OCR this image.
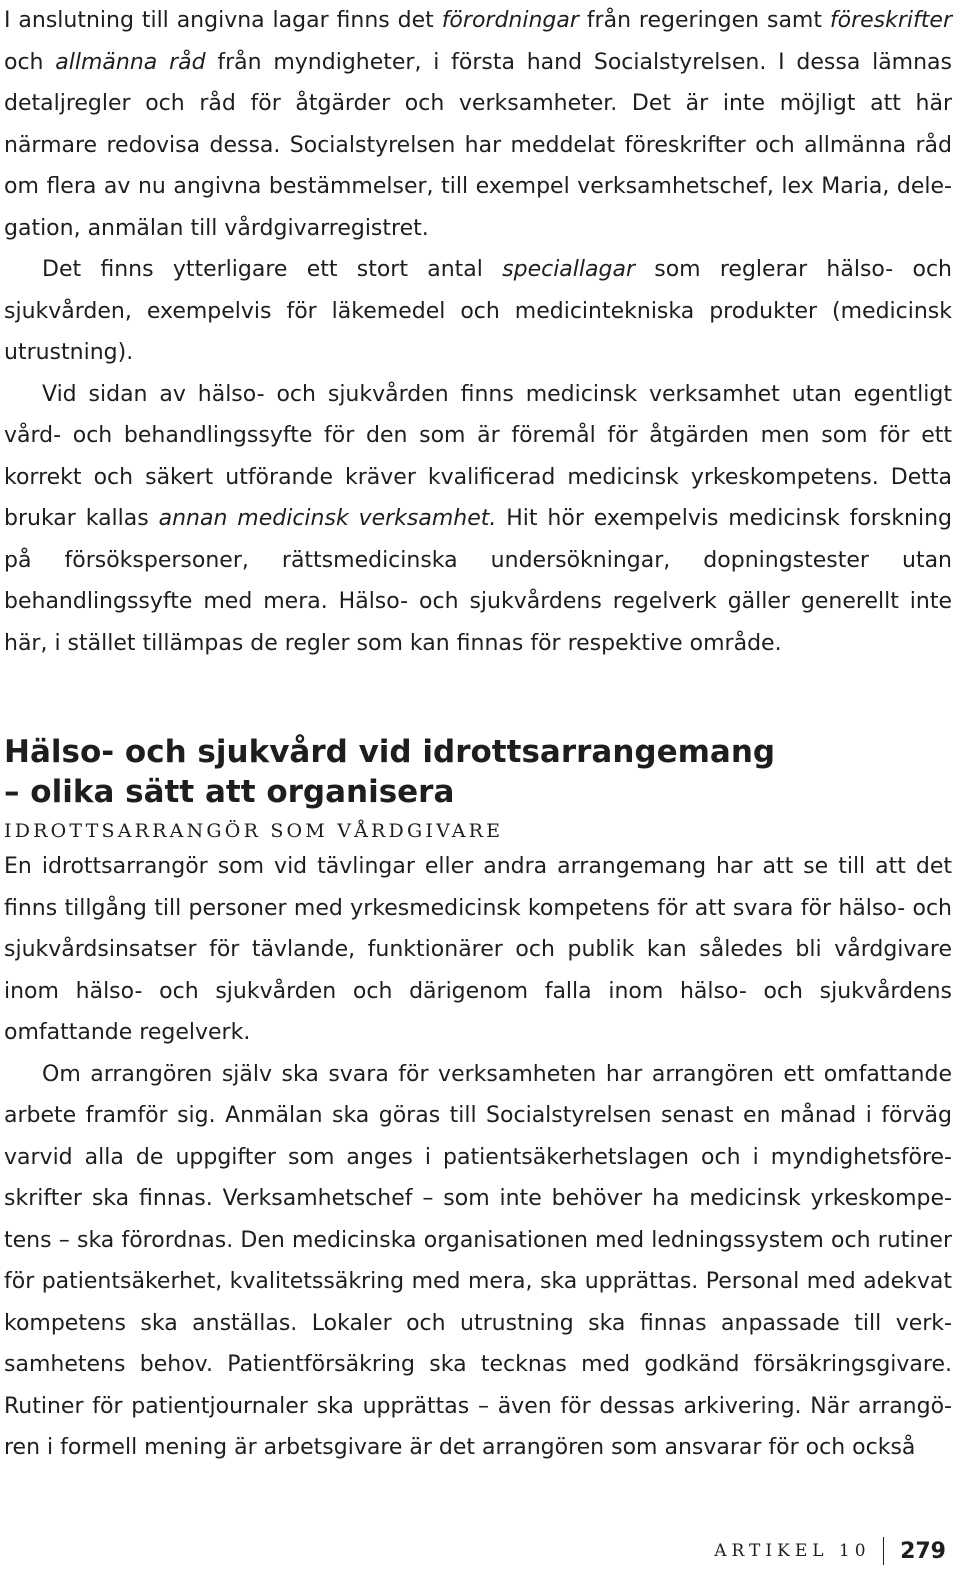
I anslutning till angivna lagar finns det förordningar från regeringen samt föreskrifter och allmänna råd från myndigheter, i första hand Socialstyrelsen. I dessa lämnas detaljregler och råd för åtgärder och verksamheter. Det är inte möjligt att här närmare redovisa dessa. Socialstyrelsen har meddelat föreskrifter och allmänna råd om flera av nu angivna bestämmelser, till exempel verksamhetschef, lex Maria, delegation, anmälan till vårdgivarregistret.

Det finns ytterligare ett stort antal speciallagar som reglerar hälso- och sjukvården, exempelvis för läkemedel och medicintekniska produkter (medicinsk utrustning).

Vid sidan av hälso- och sjukvården finns medicinsk verksamhet utan egentligt vård- och behandlingssyfte för den som är föremål för åtgärden men som för ett korrekt och säkert utförande kräver kvalificerad medicinsk yrkeskompetens. Detta brukar kallas annan medicinsk verksamhet. Hit hör exempelvis medicinsk forskning på försökspersoner, rättsmedicinska undersökningar, dopningstester utan behandlingssyfte med mera. Hälso- och sjukvårdens regelverk gäller generellt inte här, i stället tillämpas de regler som kan finnas för respektive område.

Hälso- och sjukvård vid idrottsarrangemang
– olika sätt att organisera
IDROTTSARRANGÖR SOM VÅRDGIVARE

En idrottsarrangör som vid tävlingar eller andra arrangemang har att se till att det finns tillgång till personer med yrkesmedicinsk kompetens för att svara för hälso- och sjukvårdsinsatser för tävlande, funktionärer och publik kan således bli vårdgivare inom hälso- och sjukvården och därigenom falla inom hälso- och sjukvårdens omfattande regelverk.

Om arrangören själv ska svara för verksamheten har arrangören ett omfattande arbete framför sig. Anmälan ska göras till Socialstyrelsen senast en månad i förväg varvid alla de uppgifter som anges i patientsäkerhetslagen och i myndighetsföreskrifter ska finnas. Verksamhetschef – som inte behöver ha medicinsk yrkeskompetens – ska förordnas. Den medicinska organisationen med ledningssystem och rutiner för patientsäkerhet, kvalitetssäkring med mera, ska upprättas. Personal med adekvat kompetens ska anställas. Lokaler och utrustning ska finnas anpassade till verksamhetens behov. Patientförsäkring ska tecknas med godkänd försäkringsgivare. Rutiner för patientjournaler ska upprättas – även för dessas arkivering. När arrangören i formell mening är arbetsgivare är det arrangören som ansvarar för och också

ARTIKEL 10 279
